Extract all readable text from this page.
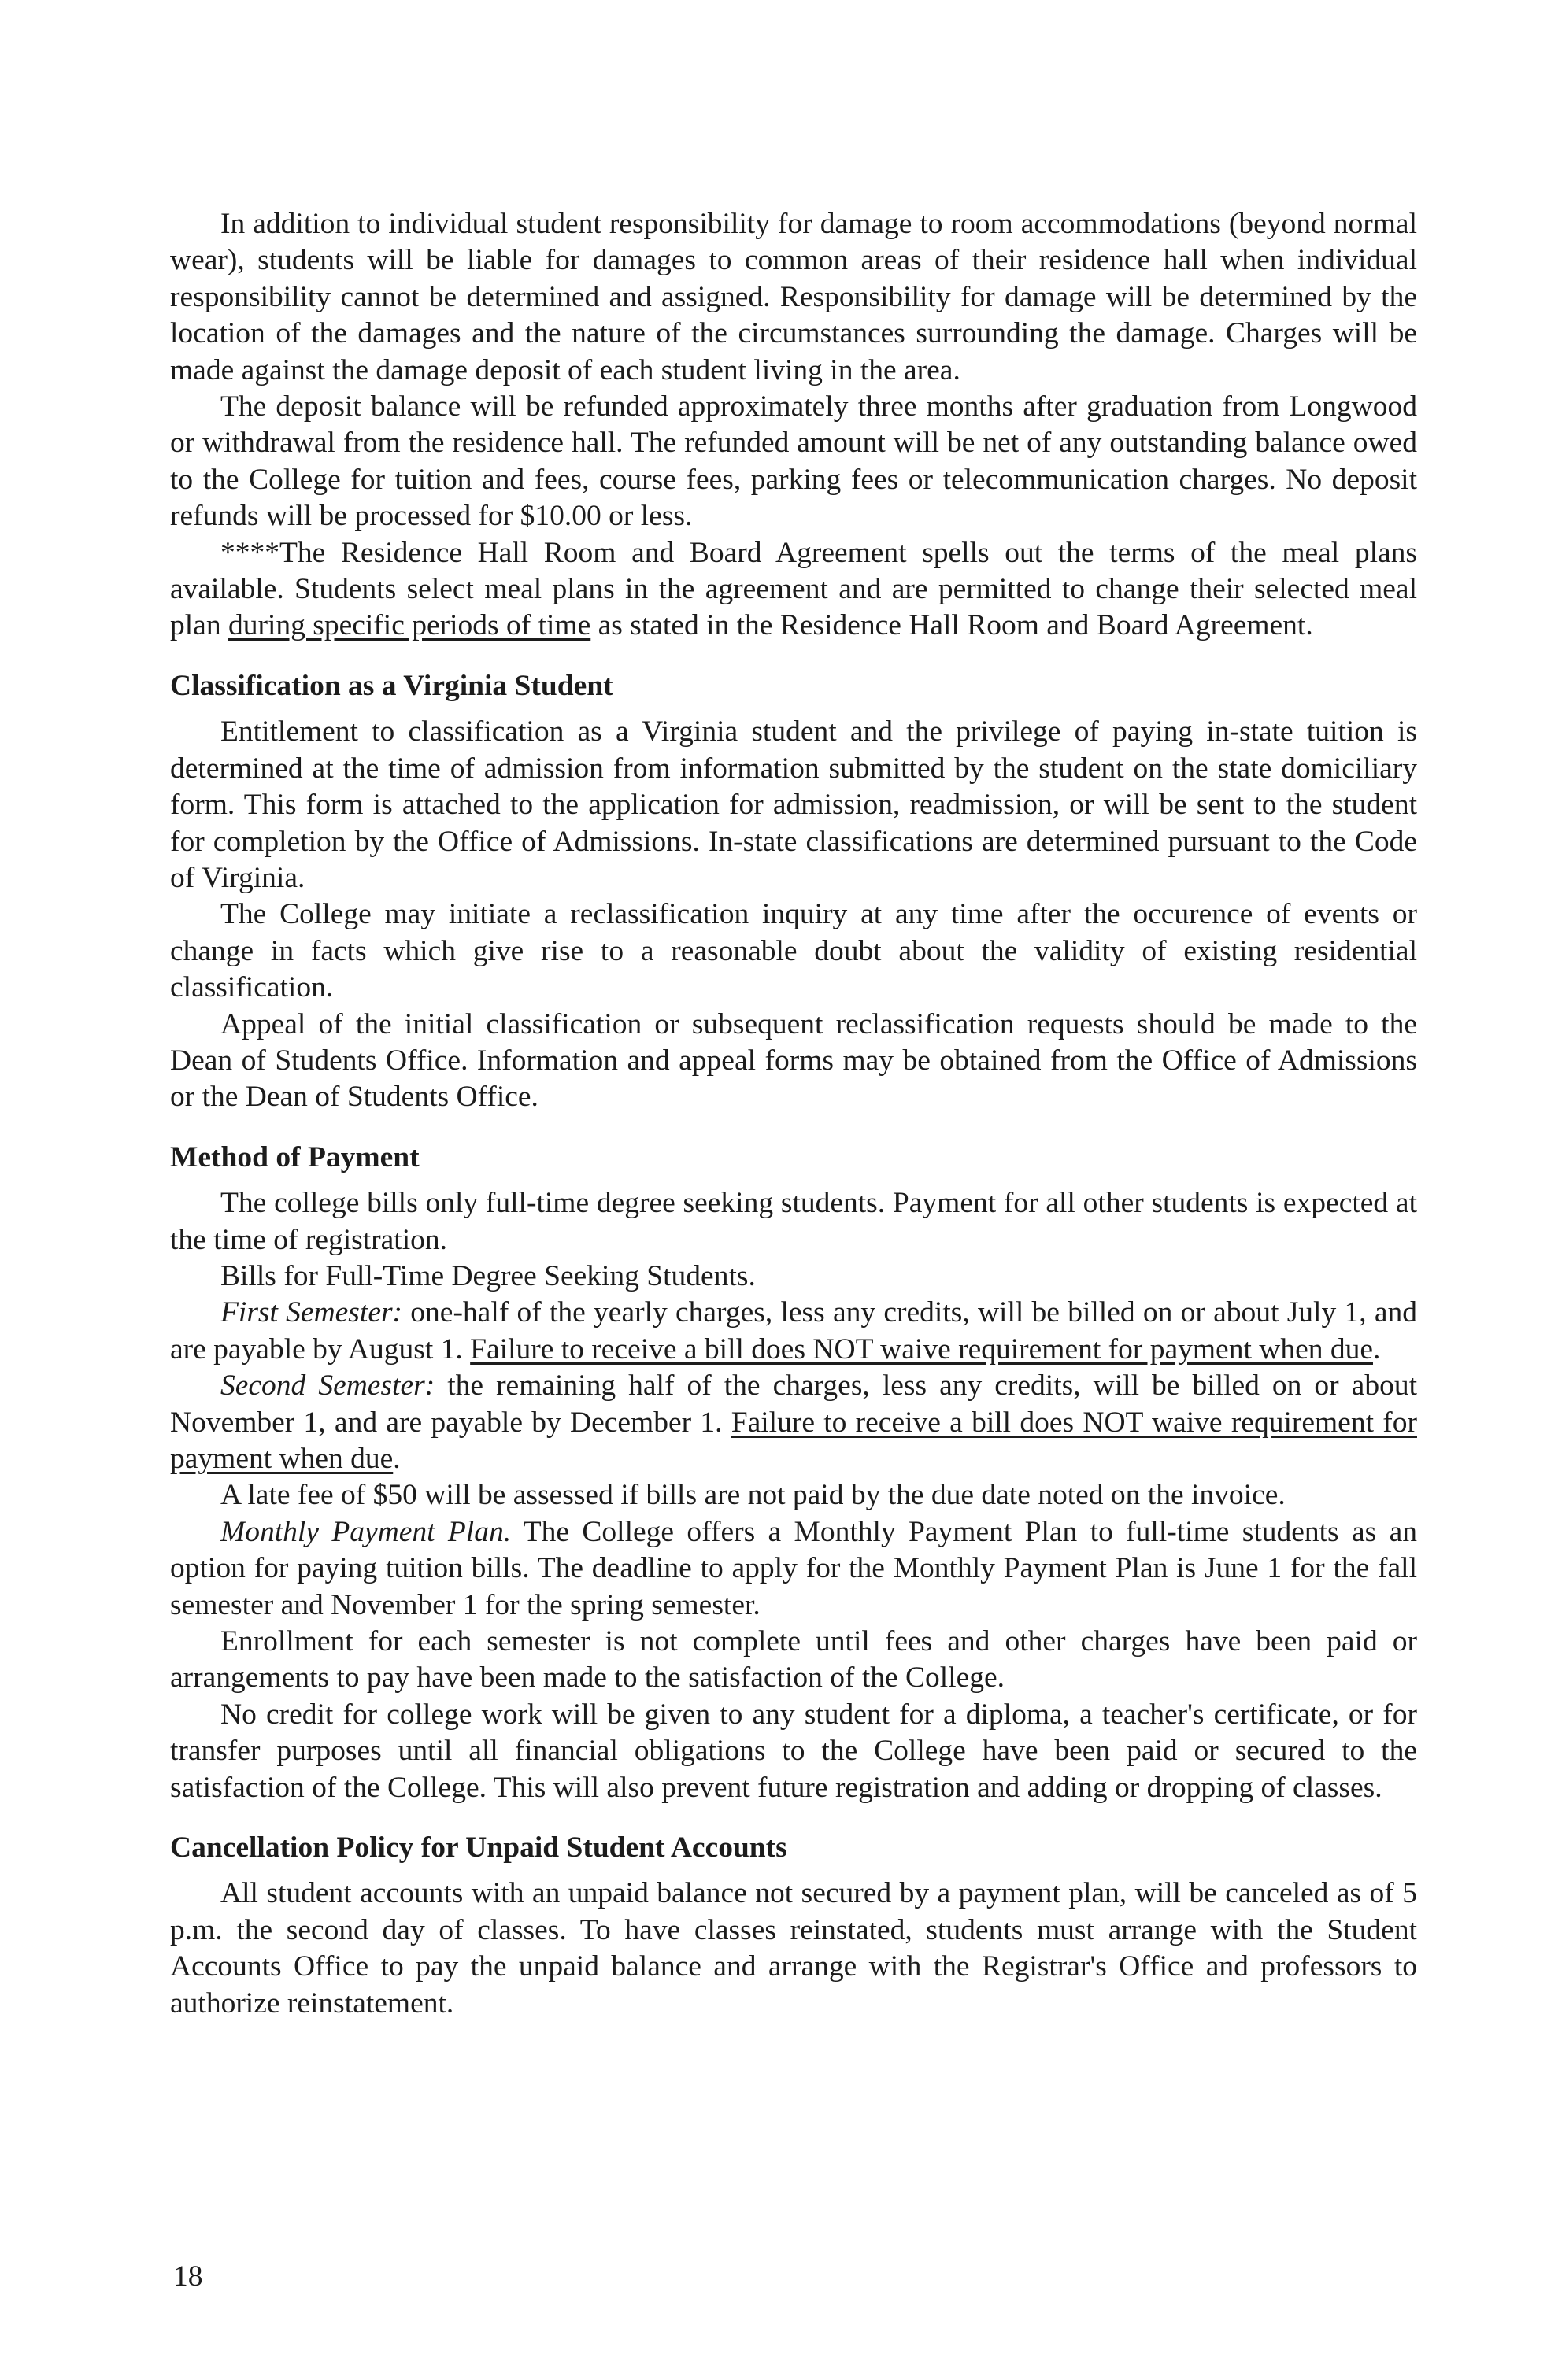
In addition to individual student responsibility for damage to room accommodations (beyond normal wear), students will be liable for damages to common areas of their residence hall when individual responsibility cannot be determined and assigned. Responsibility for damage will be determined by the location of the damages and the nature of the circumstances surrounding the damage. Charges will be made against the damage deposit of each student living in the area.

The deposit balance will be refunded approximately three months after graduation from Longwood or withdrawal from the residence hall. The refunded amount will be net of any outstanding balance owed to the College for tuition and fees, course fees, parking fees or telecommunication charges. No deposit refunds will be processed for $10.00 or less.

****The Residence Hall Room and Board Agreement spells out the terms of the meal plans available. Students select meal plans in the agreement and are permitted to change their selected meal plan during specific periods of time as stated in the Residence Hall Room and Board Agreement.

Classification as a Virginia Student

Entitlement to classification as a Virginia student and the privilege of paying in-state tuition is determined at the time of admission from information submitted by the student on the state domiciliary form. This form is attached to the application for admission, readmission, or will be sent to the student for completion by the Office of Admissions. In-state classifications are determined pursuant to the Code of Virginia.

The College may initiate a reclassification inquiry at any time after the occurence of events or change in facts which give rise to a reasonable doubt about the validity of existing residential classification.

Appeal of the initial classification or subsequent reclassification requests should be made to the Dean of Students Office. Information and appeal forms may be obtained from the Office of Admissions or the Dean of Students Office.

Method of Payment

The college bills only full-time degree seeking students. Payment for all other students is expected at the time of registration.

Bills for Full-Time Degree Seeking Students.

First Semester: one-half of the yearly charges, less any credits, will be billed on or about July 1, and are payable by August 1. Failure to receive a bill does NOT waive requirement for payment when due.

Second Semester: the remaining half of the charges, less any credits, will be billed on or about November 1, and are payable by December 1. Failure to receive a bill does NOT waive requirement for payment when due.

A late fee of $50 will be assessed if bills are not paid by the due date noted on the invoice.

Monthly Payment Plan. The College offers a Monthly Payment Plan to full-time students as an option for paying tuition bills. The deadline to apply for the Monthly Payment Plan is June 1 for the fall semester and November 1 for the spring semester.

Enrollment for each semester is not complete until fees and other charges have been paid or arrangements to pay have been made to the satisfaction of the College.

No credit for college work will be given to any student for a diploma, a teacher's certificate, or for transfer purposes until all financial obligations to the College have been paid or secured to the satisfaction of the College. This will also prevent future registration and adding or dropping of classes.

Cancellation Policy for Unpaid Student Accounts

All student accounts with an unpaid balance not secured by a payment plan, will be canceled as of 5 p.m. the second day of classes. To have classes reinstated, students must arrange with the Student Accounts Office to pay the unpaid balance and arrange with the Registrar's Office and professors to authorize reinstatement.

18
